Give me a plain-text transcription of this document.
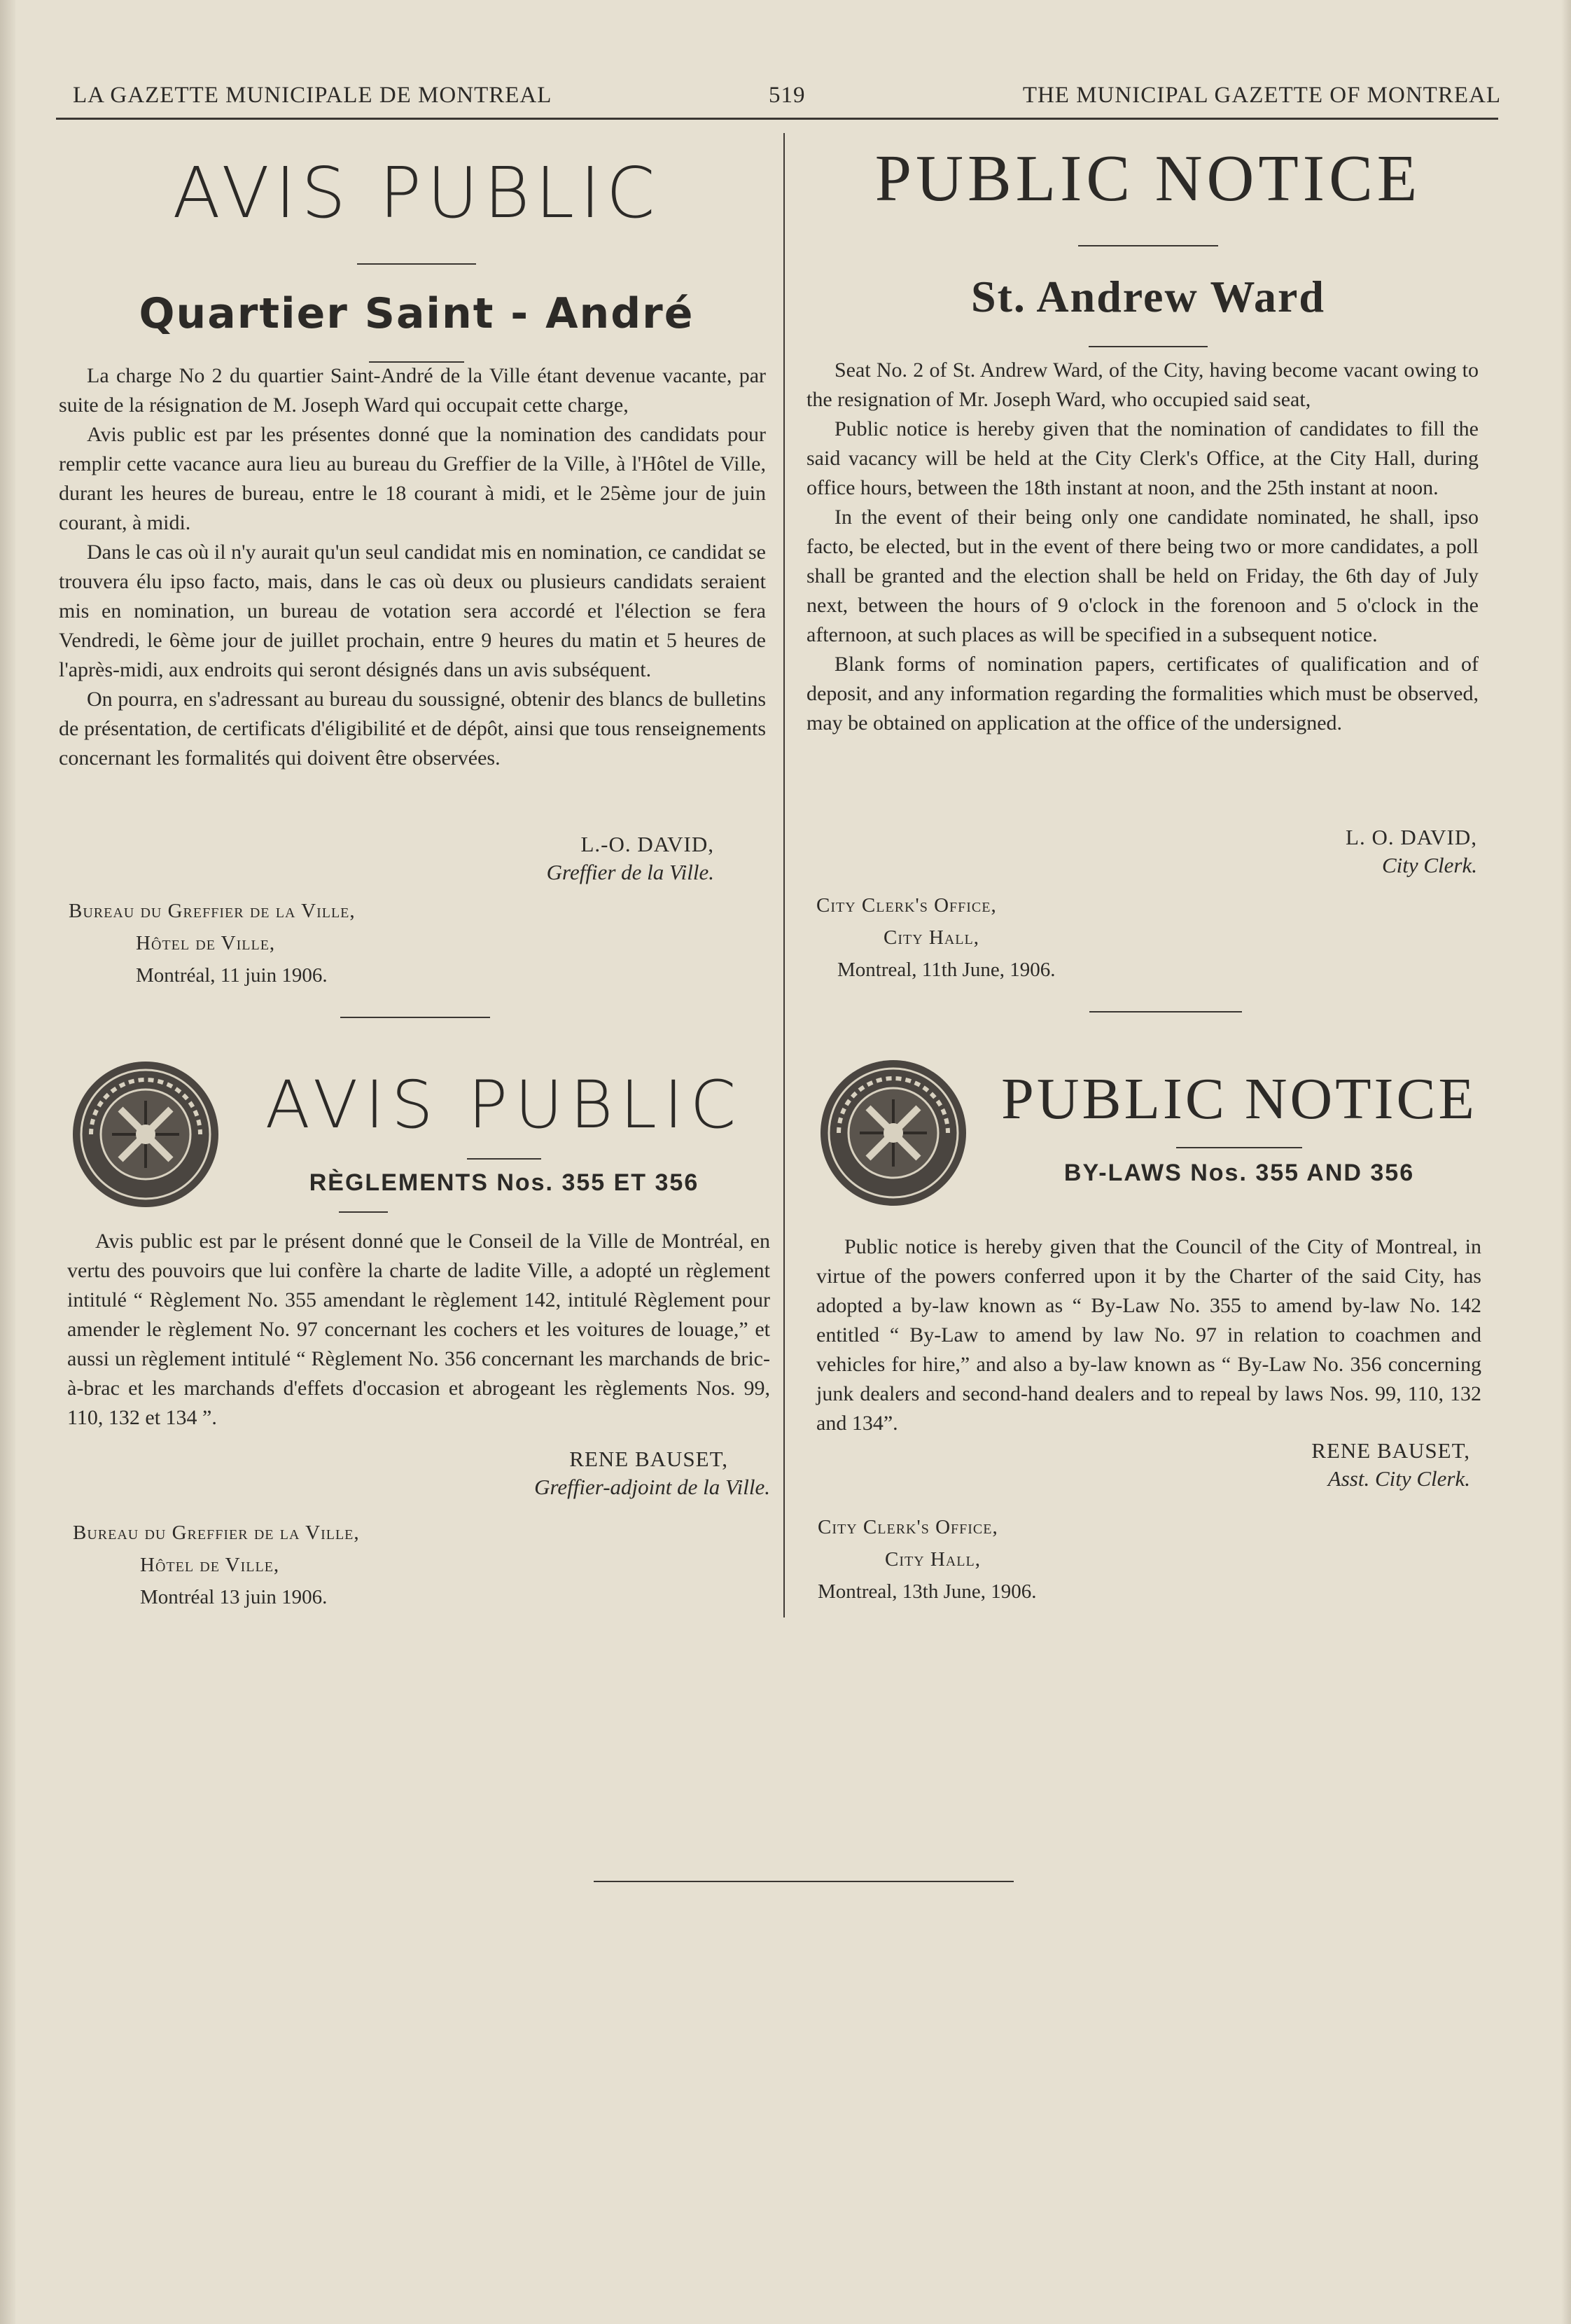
LA GAZETTE MUNICIPALE DE MONTREAL	519	THE MUNICIPAL GAZETTE OF MONTREAL
AVIS PUBLIC
Quartier Saint - André

La charge No 2 du quartier Saint-André de la Ville étant devenue vacante, par suite de la résignation de M. Joseph Ward qui occupait cette charge,

Avis public est par les présentes donné que la nomination des candidats pour remplir cette vacance aura lieu au bureau du Greffier de la Ville, à l'Hôtel de Ville, durant les heures de bureau, entre le 18 courant à midi, et le 25ème jour de juin courant, à midi.

Dans le cas où il n'y aurait qu'un seul candidat mis en nomination, ce candidat se trouvera élu ipso facto, mais, dans le cas où deux ou plusieurs candidats seraient mis en nomination, un bureau de votation sera accordé et l'élection se fera Vendredi, le 6ème jour de juillet prochain, entre 9 heures du matin et 5 heures de l'après-midi, aux endroits qui seront désignés dans un avis subséquent.

On pourra, en s'adressant au bureau du soussigné, obtenir des blancs de bulletins de présentation, de certificats d'éligibilité et de dépôt, ainsi que tous renseignements concernant les formalités qui doivent être observées.

L.-O. DAVID,
Greffier de la Ville.
Bureau du Greffier de la Ville,
Hôtel de Ville,
Montréal, 11 juin 1906.
PUBLIC NOTICE
St. Andrew Ward

Seat No. 2 of St. Andrew Ward, of the City, having become vacant owing to the resignation of Mr. Joseph Ward, who occupied said seat,

Public notice is hereby given that the nomination of candidates to fill the said vacancy will be held at the City Clerk's Office, at the City Hall, during office hours, between the 18th instant at noon, and the 25th instant at noon.

In the event of their being only one candidate nominated, he shall, ipso facto, be elected, but in the event of there being two or more candidates, a poll shall be granted and the election shall be held on Friday, the 6th day of July next, between the hours of 9 o'clock in the forenoon and 5 o'clock in the afternoon, at such places as will be specified in a subsequent notice.

Blank forms of nomination papers, certificates of qualification and of deposit, and any information regarding the formalities which must be observed, may be obtained on application at the office of the undersigned.

L. O. DAVID,
City Clerk.
City Clerk's Office,
City Hall,
Montreal, 11th June, 1906.
AVIS PUBLIC
RÈGLEMENTS Nos. 355 ET 356

Avis public est par le présent donné que le Conseil de la Ville de Montréal, en vertu des pouvoirs que lui confère la charte de ladite Ville, a adopté un règlement intitulé “ Règlement No. 355 amendant le règlement 142, intitulé Règlement pour amender le règlement No. 97 concernant les cochers et les voitures de louage,” et aussi un règlement intitulé “ Règlement No. 356 concernant les marchands de bric-à-brac et les marchands d'effets d'occasion et abrogeant les règlements Nos. 99, 110, 132 et 134 ”.

RENE BAUSET,
Greffier-adjoint de la Ville.
Bureau du Greffier de la Ville,
Hôtel de Ville,
Montréal 13 juin 1906.
PUBLIC NOTICE
BY-LAWS Nos. 355 AND 356

Public notice is hereby given that the Council of the City of Montreal, in virtue of the powers conferred upon it by the Charter of the said City, has adopted a by-law known as “ By-Law No. 355 to amend by-law No. 142 entitled “ By-Law to amend by law No. 97 in relation to coachmen and vehicles for hire,” and also a by-law known as “ By-Law No. 356 concerning junk dealers and second-hand dealers and to repeal by laws Nos. 99, 110, 132 and 134”.

RENE BAUSET,
Asst. City Clerk.
City Clerk's Office,
City Hall,
Montreal, 13th June, 1906.
